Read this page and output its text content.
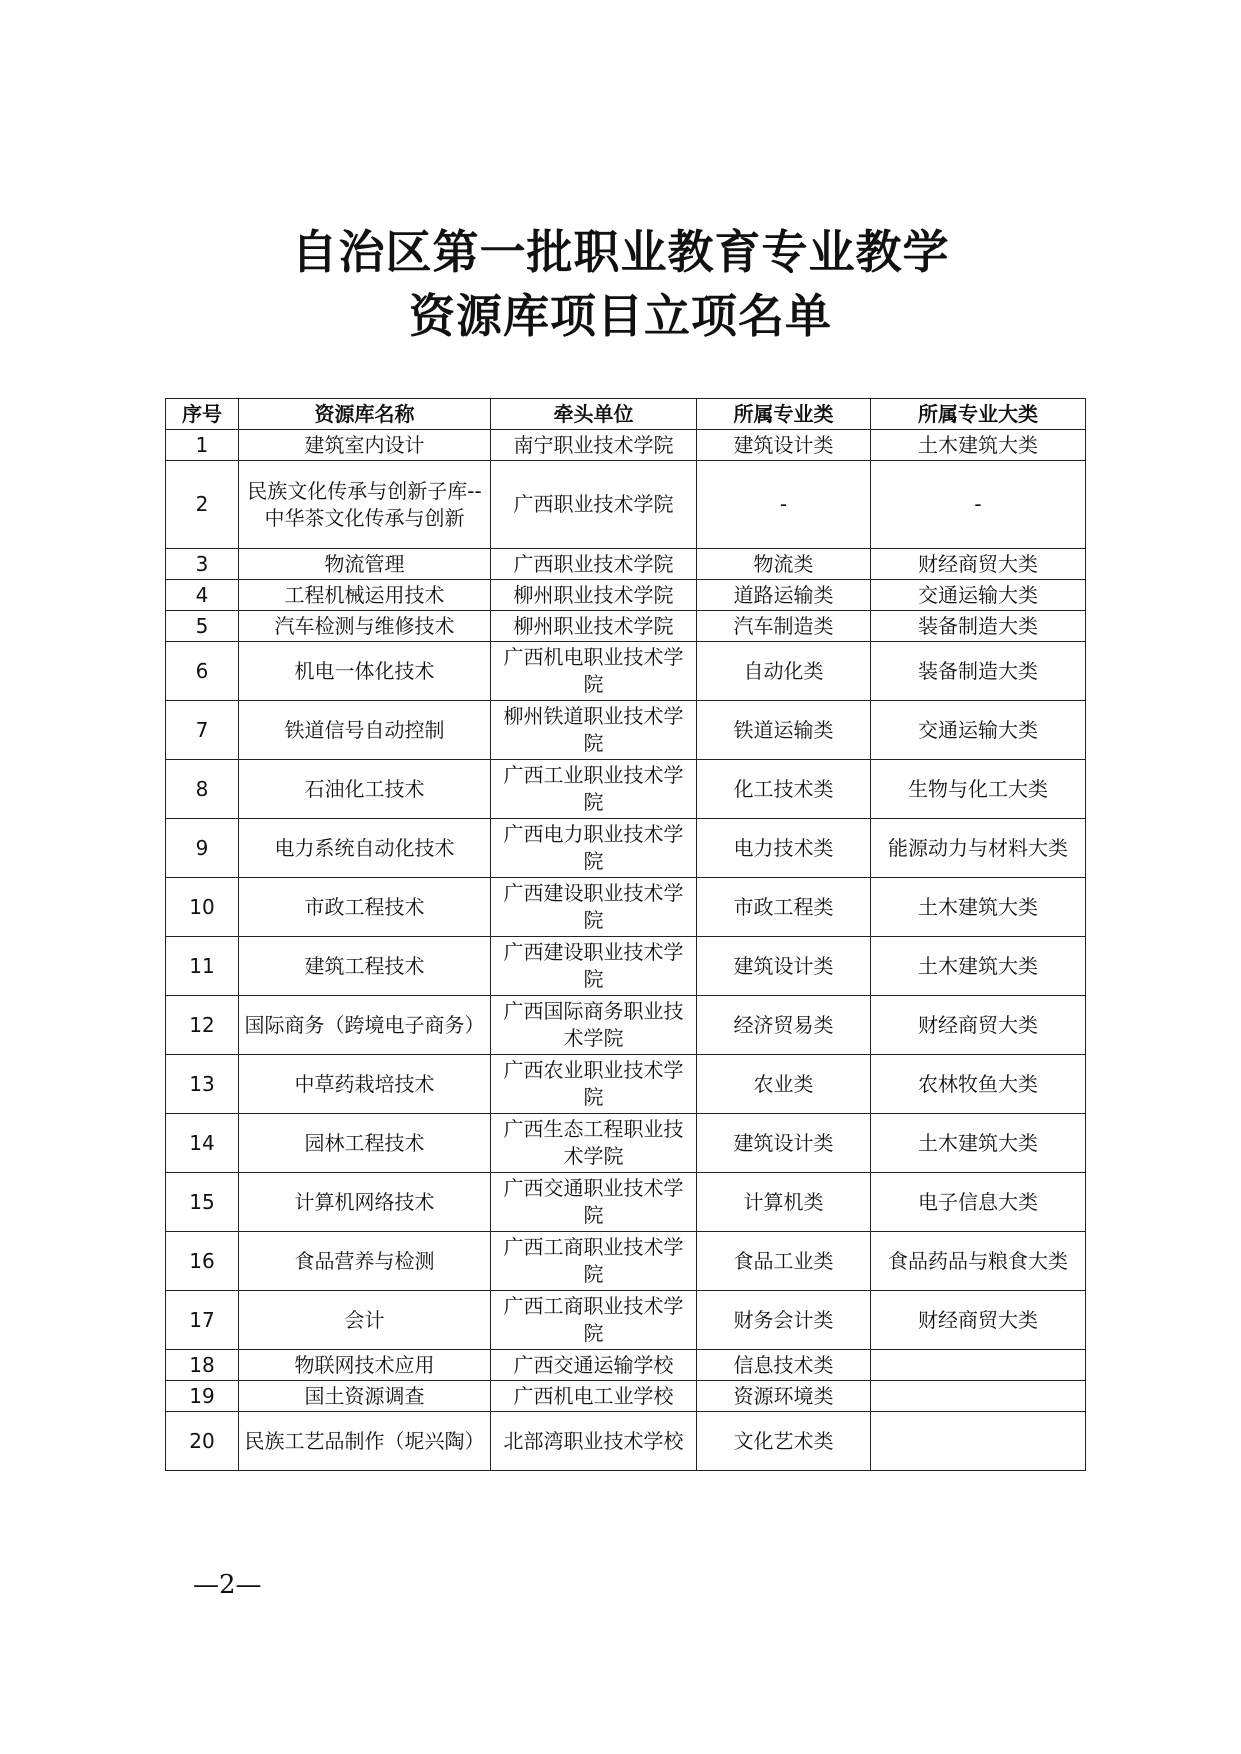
自治区第一批职业教育专业教学
资源库项目立项名单
序号	资源库名称	牵头单位	所属专业类	所属专业大类
1	建筑室内设计	南宁职业技术学院	建筑设计类	土木建筑大类
2	民族文化传承与创新子库--中华茶文化传承与创新	广西职业技术学院	-	-
3	物流管理	广西职业技术学院	物流类	财经商贸大类
4	工程机械运用技术	柳州职业技术学院	道路运输类	交通运输大类
5	汽车检测与维修技术	柳州职业技术学院	汽车制造类	装备制造大类
6	机电一体化技术	广西机电职业技术学院	自动化类	装备制造大类
7	铁道信号自动控制	柳州铁道职业技术学院	铁道运输类	交通运输大类
8	石油化工技术	广西工业职业技术学院	化工技术类	生物与化工大类
9	电力系统自动化技术	广西电力职业技术学院	电力技术类	能源动力与材料大类
10	市政工程技术	广西建设职业技术学院	市政工程类	土木建筑大类
11	建筑工程技术	广西建设职业技术学院	建筑设计类	土木建筑大类
12	国际商务（跨境电子商务）	广西国际商务职业技术学院	经济贸易类	财经商贸大类
13	中草药栽培技术	广西农业职业技术学院	农业类	农林牧鱼大类
14	园林工程技术	广西生态工程职业技术学院	建筑设计类	土木建筑大类
15	计算机网络技术	广西交通职业技术学院	计算机类	电子信息大类
16	食品营养与检测	广西工商职业技术学院	食品工业类	食品药品与粮食大类
17	会计	广西工商职业技术学院	财务会计类	财经商贸大类
18	物联网技术应用	广西交通运输学校	信息技术类	
19	国土资源调查	广西机电工业学校	资源环境类	
20	民族工艺品制作（坭兴陶）	北部湾职业技术学校	文化艺术类	
—2—
